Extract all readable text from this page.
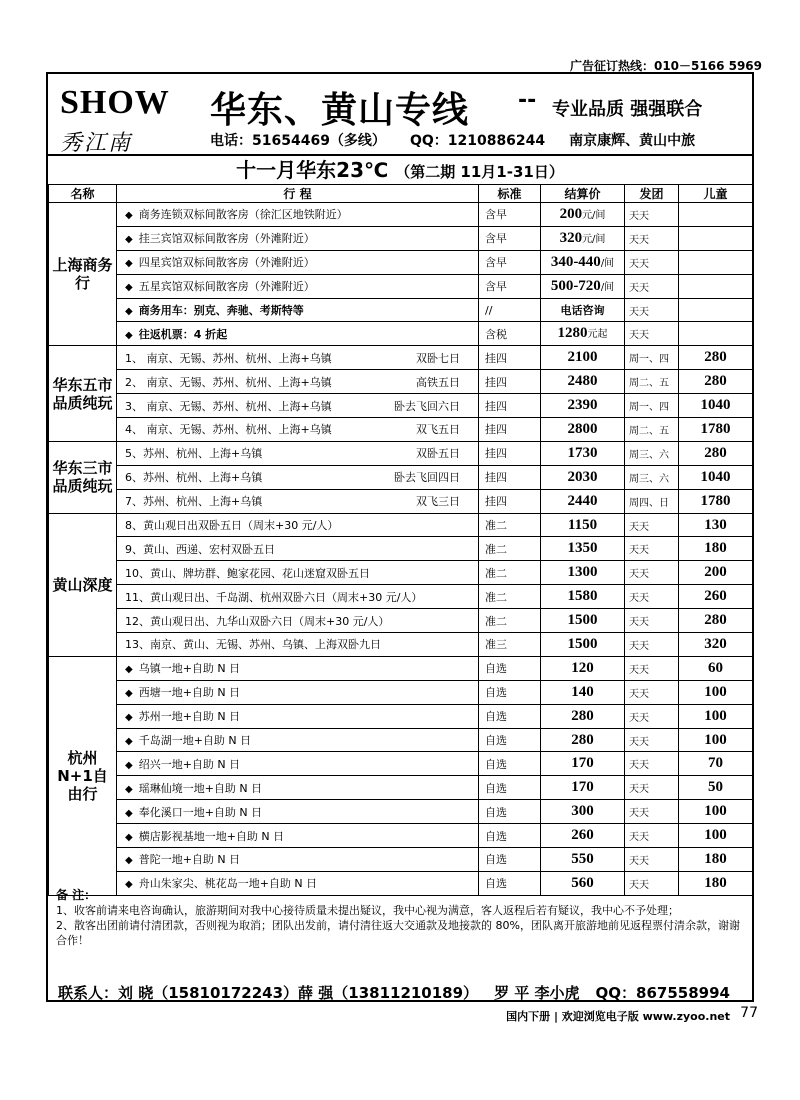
广告征订热线：010－5166 5969
SHOW 华东、黄山专线 -- 专业品质 强强联合
秀江南	电话：51654469（多线） QQ：1210886244 南京康辉、黄山中旅
十一月华东23℃ （第二期 11月1-31日）
名称	行 程	标准	结算价	发团	儿童
上海商务行	◆ 商务连锁双标间散客房（徐汇区地铁附近）	含早	200元/间	天天	
	◆ 挂三宾馆双标间散客房（外滩附近）	含早	320元/间	天天	
	◆ 四星宾馆双标间散客房（外滩附近）	含早	340-440/间	天天	
	◆ 五星宾馆双标间散客房（外滩附近）	含早	500-720/间	天天	
	◆ 商务用车：别克、奔驰、考斯特等	//	电话咨询	天天	
	◆ 往返机票：4 折起	含税	1280元起	天天	
华东五市品质纯玩	1、 南京、无锡、苏州、杭州、上海+乌镇 双卧七日	挂四	2100	周一、四	280
	2、 南京、无锡、苏州、杭州、上海+乌镇 高铁五日	挂四	2480	周二、五	280
	3、 南京、无锡、苏州、杭州、上海+乌镇 卧去飞回六日	挂四	2390	周一、四	1040
	4、 南京、无锡、苏州、杭州、上海+乌镇 双飞五日	挂四	2800	周二、五	1780
华东三市品质纯玩	5、苏州、杭州、上海+乌镇 双卧五日	挂四	1730	周三、六	280
	6、苏州、杭州、上海+乌镇 卧去飞回四日	挂四	2030	周三、六	1040
	7、苏州、杭州、上海+乌镇 双飞三日	挂四	2440	周四、日	1780
黄山深度	8、黄山观日出双卧五日（周末+30 元/人）	准二	1150	天天	130
	9、黄山、西递、宏村双卧五日	准二	1350	天天	180
	10、黄山、牌坊群、鲍家花园、花山迷窟双卧五日	准二	1300	天天	200
	11、黄山观日出、千岛湖、杭州双卧六日（周末+30 元/人）	准二	1580	天天	260
	12、黄山观日出、九华山双卧六日（周末+30 元/人）	准二	1500	天天	280
	13、南京、黄山、无锡、苏州、乌镇、上海双卧九日	准三	1500	天天	320
杭州N+1自由行	◆ 乌镇一地+自助 N 日	自选	120	天天	60
	◆ 西塘一地+自助 N 日	自选	140	天天	100
	◆ 苏州一地+自助 N 日	自选	280	天天	100
	◆ 千岛湖一地+自助 N 日	自选	280	天天	100
	◆ 绍兴一地+自助 N 日	自选	170	天天	70
	◆ 瑶琳仙境一地+自助 N 日	自选	170	天天	50
	◆ 奉化溪口一地+自助 N 日	自选	300	天天	100
	◆ 横店影视基地一地+自助 N 日	自选	260	天天	100
	◆ 普陀一地+自助 N 日	自选	550	天天	180
	◆ 舟山朱家尖、桃花岛一地+自助 N 日	自选	560	天天	180
备 注：
1、收客前请来电咨询确认，旅游期间对我中心接待质量未提出疑议，我中心视为满意，客人返程后若有疑议，我中心不予处理；
2、散客出团前请付清团款，否则视为取消；团队出发前，请付清往返大交通款及地接款的 80%，团队离开旅游地前见返程票付清余款，谢谢合作！
联系人：刘 晓（15810172243）薛 强（13811210189） 罗 平 李小虎 QQ：867558994
国内下册 | 欢迎浏览电子版 www.zyoo.net 77
